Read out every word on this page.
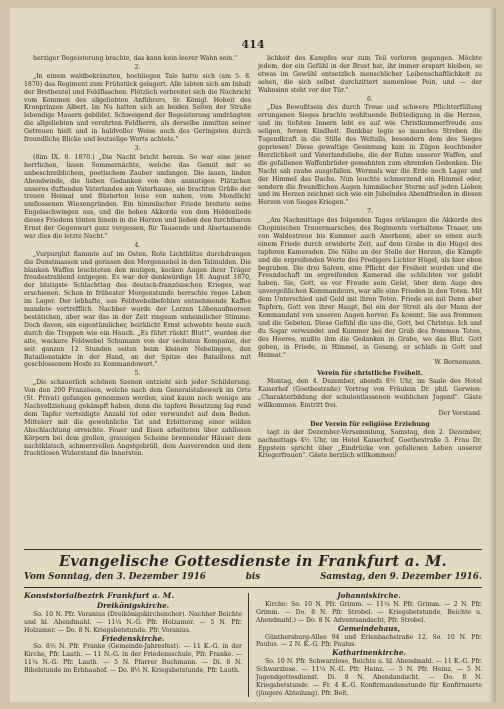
414

herziger Begeisterung brachte, das kann kein leerer Wahn sein."

2.

„In einem waldbekränzten, hochliegen Tale hatte sich (am 5. 8. 1870) das Regiment zum Frühstück gelagert. Alle labten sich am Inhalt der Brotbeutel und Feldflaschen. Plötzlich verbreitet sich die Nachricht vom Kommen des allgeliebten Anführers, Sr. Königl. Hoheit des Kronprinzen Albert. Im Nu hatten sich an beiden Seiten der Straße lebendige Mauern gebildet. Schweigend der Begeisterung umdrängten die allgeliebten und verehrten Feldherrn, als derselbe inmitten seiner Getreuen hielt und in huldvoller Weise auch des Geringsten durch freundliche Blicke und leutselige Worte achtete."

3.

(8im IX. 8. 1870.) „Die Nacht bricht herein. So war eine jener herrlichen, lauen Sommernächte, welche das Gemüt mit so unbeschreiblichem, poetischem Zauber umfangen. Die lauen, linden Abendwinde, die lieben Gedanken von den anmutigen Plätzchen unseres duftenden Vaterlandes am Vaterhause, sie brachten Grüße der treuen Heimat und flüsterten leise von nahen, vom Mondlicht umflossenen Wiesengründen. Ein himmlischer Friede breitete seine Engelsschwingen aus, und die hohen Akkorde von dem Heldenliede dieses Friedens tönten hinein in die Herzen und ließen den furchtbaren Ernst der Gegenwart ganz vergessen, für Tausende und Abertausende war dies die letzte Nacht."

4.

„Vurpurglut flammte auf im Osten. Rote Lichtblitze durchdrangen die Dunstmassen und gerissen den Morgennebel in den Talmulden. Die blanken Waffen leuchteten den mutigen, kecken Augen ihrer Träger freudestrahlend entgegen. Es war der denkwürdige 18. August 1870, der blutigste Schlachttag des deutsch-französischen Krieges, war erschienen. Schon in frühester Morgenstunde herrschte reges Leben im Lager. Der lebhafte, aus Feldwebelbefehlen entnehmende Kaffee mundete vortrefflich. Nachher wurde der Lorzen Löbenaufmorsen bestätichen, aber war das in der Zeit ringsum unheimlicher Stimme. Doch davon, ein eigentümlicher, beirklicht Ernst schwebte heute auch durch die Truppen wie ein Hauch. „Es führt rückt! Blut!", wurden der alte, wackere Feldwebel Schumann von der sechsten Kompanie, der seit ganzen 12 Stunden seiten beim kleinen Nebelingen, den Bataillonstakte in der Hand, an der Spitze des Bataillons mit geschlossenem Hosfe zu Kommandowort."

5.

„Die schauerlich schönen Szenen entzieht sich jeder Schilderung. Von den 200 Französen, welche nach dem Generalstabswerk im Orte (St. Privat) gefangen genommen werden, sind kaum noch wenige am Nachvollziehung gekämpft haben, denn die tapfere Besatzung lag rund dem Tapfer verteidigte Anzahl tot oder verwundet auf dem Boden. Mittelerr mit die gewohnliche Tat und Erbitterung einer wilden Abschlachtung erreichte. Feuer und Eisen arbeiteten über zahllosen Körpern bei dem grellen, grausigen Scheine brennender Häuser dem nachtklatsch, schmerzvollen Angstgebrüll, dem Ausverenden und dem fruchtlosen Widerstand die Innersten.

lichkeit des Kampfes war zum Teil verloren gegangen. Möchte jedem, der ein Gefühl in der Brust hat, ihr immer erspart bleiben, so etwas im Gewühl entsetzlich menschlicher Leibenschaftlichkeit zu sehen, die sich selbst durchzittert namenlose Pein, und — der Wahnsinn steht vor der Tür."

6.

„Das Bewußtsein des durch Treue und schwere Pflichterfüllung errungenen Sieges brachte wohltuende Befriedigung in die Herzen, und im tiefsten Innern lebt es auf wie Christkummerfreude aus seligen, fernen Kindheit. Dankbar legte so manches Streben die Tugendkraft in die Stille des Weltalls, besondern dem des Sieges gepriesen! Diese gewaltige Gesinnung kam in Zügen leuchtender Herzlichkeit und Vaterlandsliebe, die der Ruhm unserer Waffen, und die gefallenen Waffenbrüder gemahnten zum ehrenden Gedenken. Die Nacht sah rauhe ausgefallen. Wermals war die Erde noch Lager und der Himmel das Dache. Nun leuchte schmerzend ein Himmel oder, sondern die freundlichen Augen himmlischer Sterne auf jeden Lieben und im Herzen zeichnet sich wie ein Jubelndes Abendfrieden in diesen Herzen von Sieges Kriegen."

7.

„Am Nachmittage des folgenden Tages erklangen die Akkorde des Chopinischen Trauermarsches, des Regiments verhaltene Trauer, um von Waldestreue bis Kummer auch Anerkenn, aber so einen auch einem Friede durch erwiderte Zeit, auf dem Grabe in die Hügel des tapferen Kameraden. Die Nähe an der Stelle der Herzen, die Kämpfe und die ergreifenden Worte des Predigers Lichter Hügel, als hier eben begraben. Die drei Salven, eine Pflicht der Freiheit wurden und die Freundschaft im ergreifenden Kamerad die schlichten vor gelebt haben. Sie, Gott, es vor Freude sein Geist, über dem Auge des unvergeßlichen Kommandeurs, war alle eine Frieden in den Toten. Mit dem Unterschied und Gold mit ihren Toten. Friede sei mit Denn aber Tapfern, Gott von ihrer Haupt, fiel ein der Streit als der Mann der Kommandant von unseren Augen hervor. Es kommt, Sie aus frommen und die Gebeten. Diese Gefühl die uns die, Gott, bei Christus. Ich und du Sogar verwundet und Kummer bei der Grab des frommen Toten, des Heeres, mußte ihm die Gedanken in Grabe, wo das Blut. Gott geben, in Friede, in Himmel, in Gesang, er schlafe in Gott und Heimat."

W. Bornemann.

Verein für christliche Freiheit.

Montag, den 4. Dezember, abends 8½ Uhr, im Saale des Hotel Kaiserhof (Goethestraße) Vortrag von Fräulein Dr. phil. Gerwien: „Charakterbildung der schulentlassenen weiblichen Jugend". Gäste willkommen. Eintritt frei.

Der Vorstand.

Der Verein für religiöse Erziehung

tagt in der Dezember-Versammlung, Samstag, den 2. Dezember, nachmittags 4½ Uhr, im Hotel Kaiserhof, Goethestraße 5. Frau Dr. Eppstein spricht über „Eindrücke von gefallenen Leben unserer Kriegerfrauen". Gäste herzlich willkommen!

Evangelische Gottesdienste in Frankfurt a. M.
Vom Sonntag, den 3. Dezember 1916	bis	Samstag, den 9. Dezember 1916.
Konsistorialbezirk Frankfurt a. M.
Dreikönigskirche.

So. 10 N. Pfr. Voranius (Dreikönigskirchenchor). Nachher Beichte und hl. Abendmahl. — 11¼ N.-G. Pfr. Holzamer. — 5 N. Pfr. Holzamer. — Do. 8 N. Kriegsbetstunde. Pfr. Voranius.

Friedenskirche.

So. 8½ N. Pfr. Franke (Gemeinde-Jahresfest). — 11 K.-G. in der Kirche, Pfr. Lauth. — 11 N.-G. in der Friedensschule, Pfr. Franke. — 11¼ N.-G. Pfr. Lauth. — 5 N. Pfarrer Buchmann. — Di. 8 N. Bibelstunde im Erbbauhof. — Do. 8½ N. Kriegsbetstunde, Pfr. Lauth.

Johanniskirche.

Kirche: So. 10 N. Pfr. Grimm. — 11¼ N. Pfr. Grimm. — 2 N. Pfr. Grimm. — Do. 8 N. Pfr. Strobel. — Kriegsbetstunde, Beichte u. Abendmahl.) — Do. 8 N. Adventsandacht, Pfr. Strobel.

Gemeindehaus,

Günthersburg-Allee 94 und Erlenbachstraße 12. So. 10 N. Pfr. Paulus. — 2 N. K.-G. Pfr. Paulus.

Katharinenkirche.

So. 10 N. Pfr. Schwarzlose, Beichte u. hl. Abendmahl. — 11 K.-G. Pfr. Schwarzlose. — 11¼ N.-G. Pfr. Heinz. — 5 N. Pfr. Heinz. — 5 N. Jugendgottesdienst. Di. 8 N. Abendandacht. — Do. 8 N. Kriegsbetstunde. — Fr. 4 K.-G. Konfirmandenstunde für Konfirmierte (jüngere Abteilung). Pfr. Belt.
